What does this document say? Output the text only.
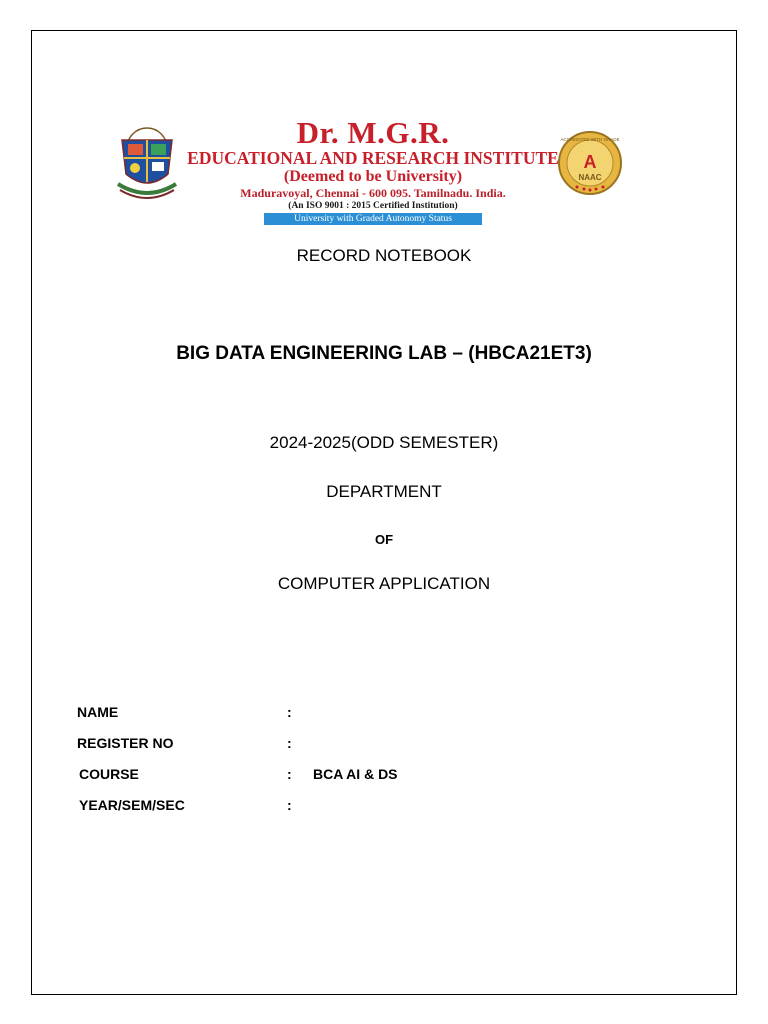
Dr. M.G.R.
EDUCATIONAL AND RESEARCH INSTITUTE
(Deemed to be University)
Maduravoyal, Chennai - 600 095. Tamilnadu. India.
(An ISO 9001 : 2015 Certified Institution)
University with Graded Autonomy Status
A
NAAC
ACCREDITED WITH GRADE
RECORD NOTEBOOK
BIG DATA ENGINEERING LAB – (HBCA21ET3)
2024-2025(ODD SEMESTER)
DEPARTMENT
OF
COMPUTER APPLICATION
NAME	:
REGISTER NO	:
COURSE	: BCA AI & DS
YEAR/SEM/SEC	:
